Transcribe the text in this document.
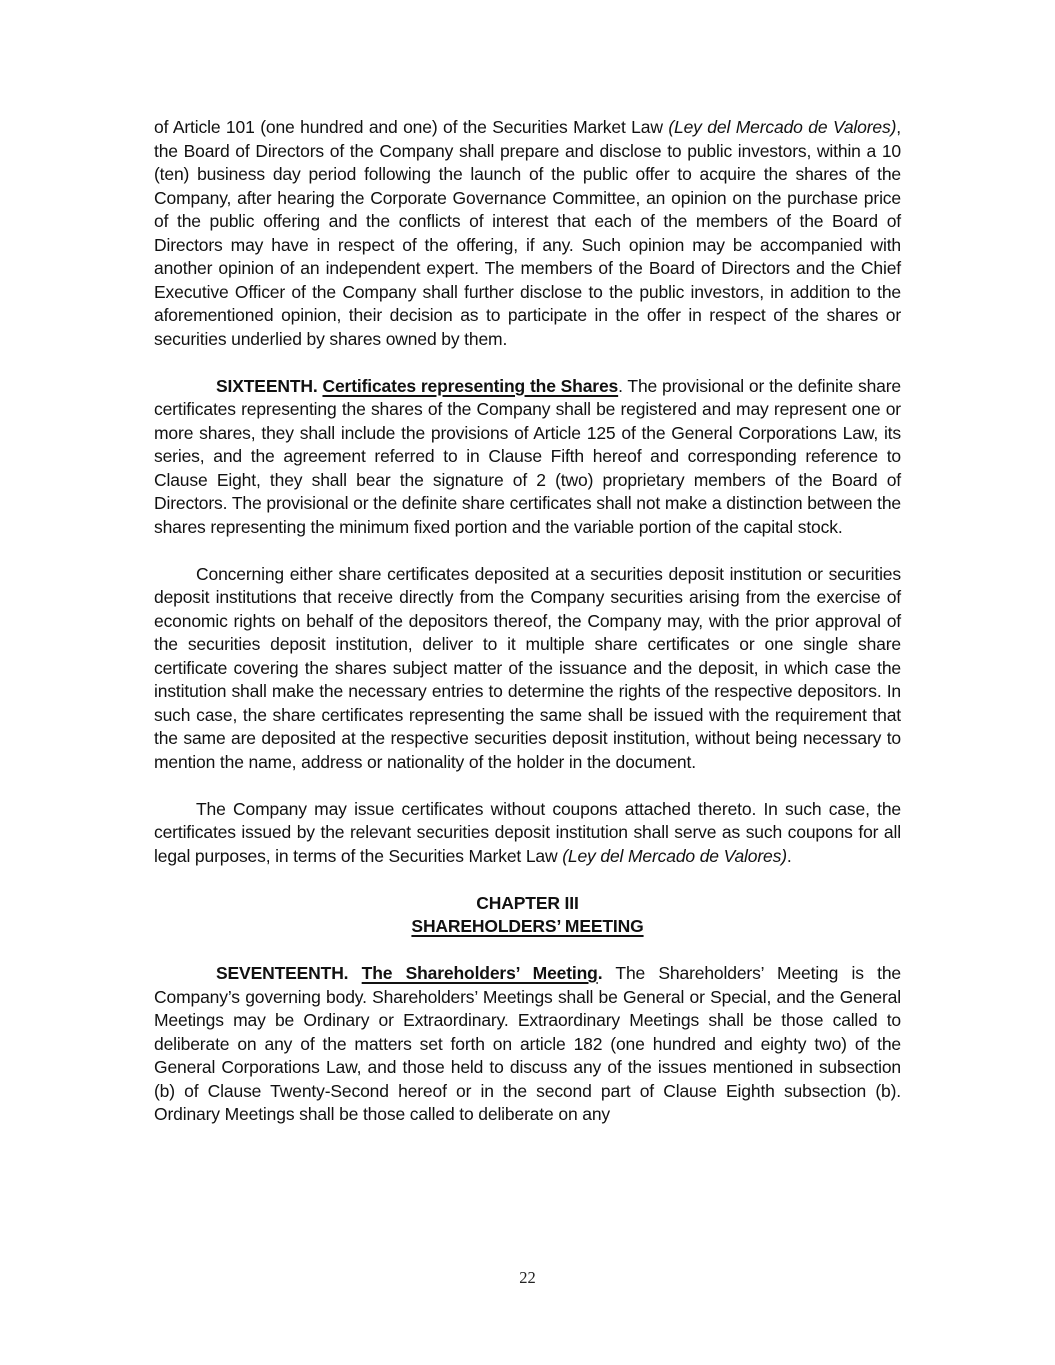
of Article 101 (one hundred and one) of the Securities Market Law (Ley del Mercado de Valores), the Board of Directors of the Company shall prepare and disclose to public investors, within a 10 (ten) business day period following the launch of the public offer to acquire the shares of the Company, after hearing the Corporate Governance Committee, an opinion on the purchase price of the public offering and the conflicts of interest that each of the members of the Board of Directors may have in respect of the offering, if any. Such opinion may be accompanied with another opinion of an independent expert. The members of the Board of Directors and the Chief Executive Officer of the Company shall further disclose to the public investors, in addition to the aforementioned opinion, their decision as to participate in the offer in respect of the shares or securities underlied by shares owned by them.

SIXTEENTH. Certificates representing the Shares. The provisional or the definite share certificates representing the shares of the Company shall be registered and may represent one or more shares, they shall include the provisions of Article 125 of the General Corporations Law, its series, and the agreement referred to in Clause Fifth hereof and corresponding reference to Clause Eight, they shall bear the signature of 2 (two) proprietary members of the Board of Directors. The provisional or the definite share certificates shall not make a distinction between the shares representing the minimum fixed portion and the variable portion of the capital stock.

Concerning either share certificates deposited at a securities deposit institution or securities deposit institutions that receive directly from the Company securities arising from the exercise of economic rights on behalf of the depositors thereof, the Company may, with the prior approval of the securities deposit institution, deliver to it multiple share certificates or one single share certificate covering the shares subject matter of the issuance and the deposit, in which case the institution shall make the necessary entries to determine the rights of the respective depositors. In such case, the share certificates representing the same shall be issued with the requirement that the same are deposited at the respective securities deposit institution, without being necessary to mention the name, address or nationality of the holder in the document.

The Company may issue certificates without coupons attached thereto. In such case, the certificates issued by the relevant securities deposit institution shall serve as such coupons for all legal purposes, in terms of the Securities Market Law (Ley del Mercado de Valores).

CHAPTER III
SHAREHOLDERS’ MEETING

SEVENTEENTH. The Shareholders’ Meeting. The Shareholders’ Meeting is the Company’s governing body. Shareholders’ Meetings shall be General or Special, and the General Meetings may be Ordinary or Extraordinary. Extraordinary Meetings shall be those called to deliberate on any of the matters set forth on article 182 (one hundred and eighty two) of the General Corporations Law, and those held to discuss any of the issues mentioned in subsection (b) of Clause Twenty-Second hereof or in the second part of Clause Eighth subsection (b). Ordinary Meetings shall be those called to deliberate on any

22
